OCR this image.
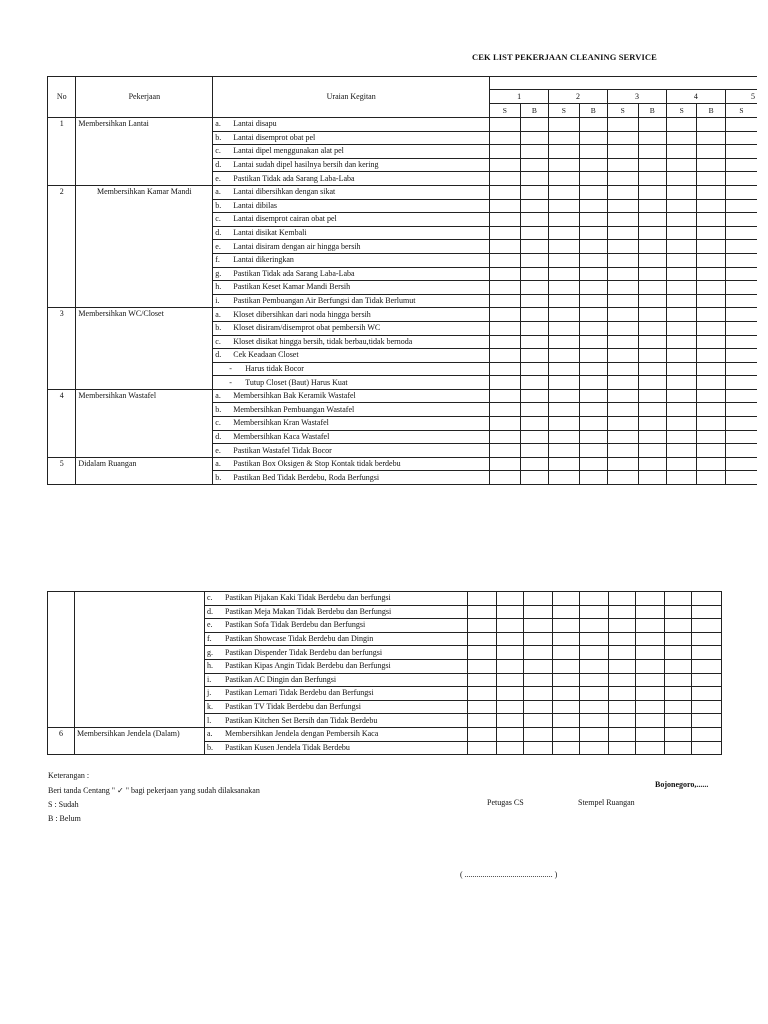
CEK LIST PEKERJAAN CLEANING SERVICE
No	Pekerjaan	Uraian Kegitan									
			1		2		3		4		5
			S	B	S	B	S	B	S	B	S
1	Membersihkan Lantai	a. Lantai disapu									
		b. Lantai disemprot obat pel									
		c. Lantai dipel menggunakan alat pel									
		d. Lantai sudah dipel hasilnya bersih dan kering									
		e. Pastikan Tidak ada Sarang Laba-Laba									
2	Membersihkan Kamar Mandi	a. Lantai dibersihkan dengan sikat									
		b. Lantai dibilas									
		c. Lantai disemprot cairan obat pel									
		d. Lantai disikat Kembali									
		e. Lantai disiram dengan air hingga bersih									
		f. Lantai dikeringkan									
		g. Pastikan Tidak ada Sarang Laba-Laba									
		h. Pastikan Keset Kamar Mandi Bersih									
		i. Pastikan Pembuangan Air Berfungsi dan Tidak Berlumut									
3	Membersihkan WC/Closet	a. Kloset dibersihkan dari noda hingga bersih									
		b. Kloset disiram/disemprot obat pembersih WC									
		c. Kloset disikat hingga bersih, tidak berbau,tidak bernoda									
		d. Cek Keadaan Closet									
		- Harus tidak Bocor									
		- Tutup Closet (Baut) Harus Kuat									
4	Membersihkan Wastafel	a. Membersihkan Bak Keramik Wastafel									
		b. Membersihkan Pembuangan Wastafel									
		c. Membersihkan Kran Wastafel									
		d. Membersihkan Kaca Wastafel									
		e. Pastikan Wastafel Tidak Bocor									
5	Didalam Ruangan	a. Pastikan Box Oksigen & Stop Kontak tidak berdebu									
		b. Pastikan Bed Tidak Berdebu, Roda Berfungsi									
		c. Pastikan Pijakan Kaki Tidak Berdebu dan berfungsi									
		d. Pastikan Meja Makan Tidak Berdebu dan Berfungsi									
		e. Pastikan Sofa Tidak Berdebu dan Berfungsi									
		f. Pastikan Showcase Tidak Berdebu dan Dingin									
		g. Pastikan Dispender Tidak Berdebu dan berfungsi									
		h. Pastikan Kipas Angin Tidak Berdebu dan Berfungsi									
		i. Pastikan AC Dingin dan Berfungsi									
		j. Pastikan Lemari Tidak Berdebu dan Berfungsi									
		k. Pastikan TV Tidak Berdebu dan Berfungsi									
		l. Pastikan Kitchen Set Bersih dan Tidak Berdebu									
6	Membersihkan Jendela (Dalam)	a. Membersihkan Jendela dengan Pembersih Kaca									
		b. Pastikan Kusen Jendela Tidak Berdebu									
Keterangan :
Beri tanda Centang " ✓ " bagi pekerjaan yang sudah dilaksanakan
S : Sudah
B : Belum
Bojonegoro,......
Petugas CS	Stempel Ruangan
( ............................................ )
